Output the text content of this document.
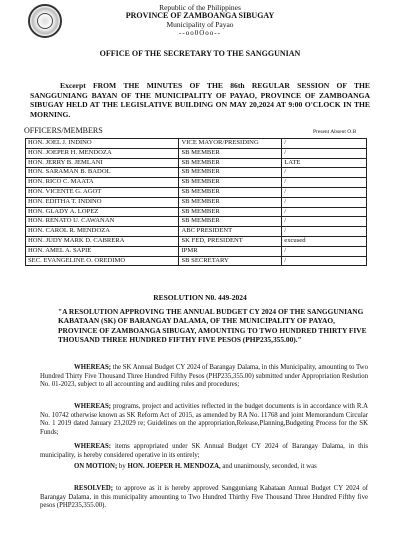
Republic of the Philippines
PROVINCE OF ZAMBOANGA SIBUGAY
Municipality of Payao
--oo0Ooo--
OFFICE OF THE SECRETARY TO THE SANGGUNIAN
Excerpt FROM THE MINUTES OF THE 86th REGULAR SESSION OF THE SANGGUNIANG BAYAN OF THE MUNICIPALITY OF PAYAO, PROVINCE OF ZAMBOANGA SIBUGAY HELD AT THE LEGISLATIVE BUILDING ON MAY 20,2024 AT 9:00 O'CLOCK IN THE MORNING.
OFFICERS/MEMBERS	Present Absent O.B
HON. JOEL J. INDINO	VICE MAYOR/PRESIDING	/
HON. JOEPER H. MENDOZA	SB MEMBER	/
HON. JERRY B. JEMLANI	SB MEMBER	LATE
HON. SARAMAN B. BADOL	SB MEMBER	/
HON. RICO C. MAATA	SB MEMBER	/
HON. VICENTE G. AGOT	SB MEMBER	/
HON. EDITHA T. INDINO	SB MEMBER	/
HON. GLADY A. LOPEZ	SB MEMBER	/
HON. RENATO U. CAWANAN	SB MEMBER	/
HON. CAROL R. MENDOZA	ABC PRESIDENT	/
HON. JUDY MARK D. CABRERA	SK FED, PRESIDENT	excused
HON. AMEL A. SAPIE	IPMR	/
SEC. EVANGELINE O. OREDIMO	SB SECRETARY	/
RESOLUTION N0. 449-2024
"A RESOLUTION APPROVING THE ANNUAL BUDGET CY 2024 OF THE SANGGUNIANG KABATAAN (SK) OF BARANGAY DALAMA, OF THE MUNICIPALITY OF PAYAO, PROVINCE OF ZAMBOANGA SIBUGAY, AMOUNTING TO TWO HUNDRED THIRTY FIVE THOUSAND THREE HUNDRED FIFTHY FIVE PESOS (PHP235,355.00)."
WHEREAS; the SK Annual Budget CY 2024 of Barangay Dalama, in this Municipality, amounting to Two Hundred Thirty Five Thousand Three Hundred Fifthy Pesos (PHP235,355.00) submitted under Appropriation Reslution No. 01-2023, subject to all accounting and auditing rules and procedures;
WHEREAS; programs, project and activities reflected in the budget documents is in accordance with R.A No. 10742 otherwise known as SK Reform Act of 2015, as amended by RA No. 11768 and joint Memorandum Circular No. 1 2019 dated January 23,2029 re; Guidelines on the appropriation,Release,Planning,Budgeting Process for the SK Funds;
WHEREAS: items appropriated under SK Annual Budget CY 2024 of Barangay Dalama, in this municipality, is hereby considered operative in its entirely;
ON MOTION; by HON. JOEPER H. MENDOZA, and unanimously, seconded, it was
RESOLVED; to approve as it is hereby approved Sangguniang Kabataan Annual Budget CY 2024 of Barangay Dalama, in this municipality amounting to Two Hundred Thirthy Five Thousand Three Hundred Fifthy five pesos (PHP235,355.00).
